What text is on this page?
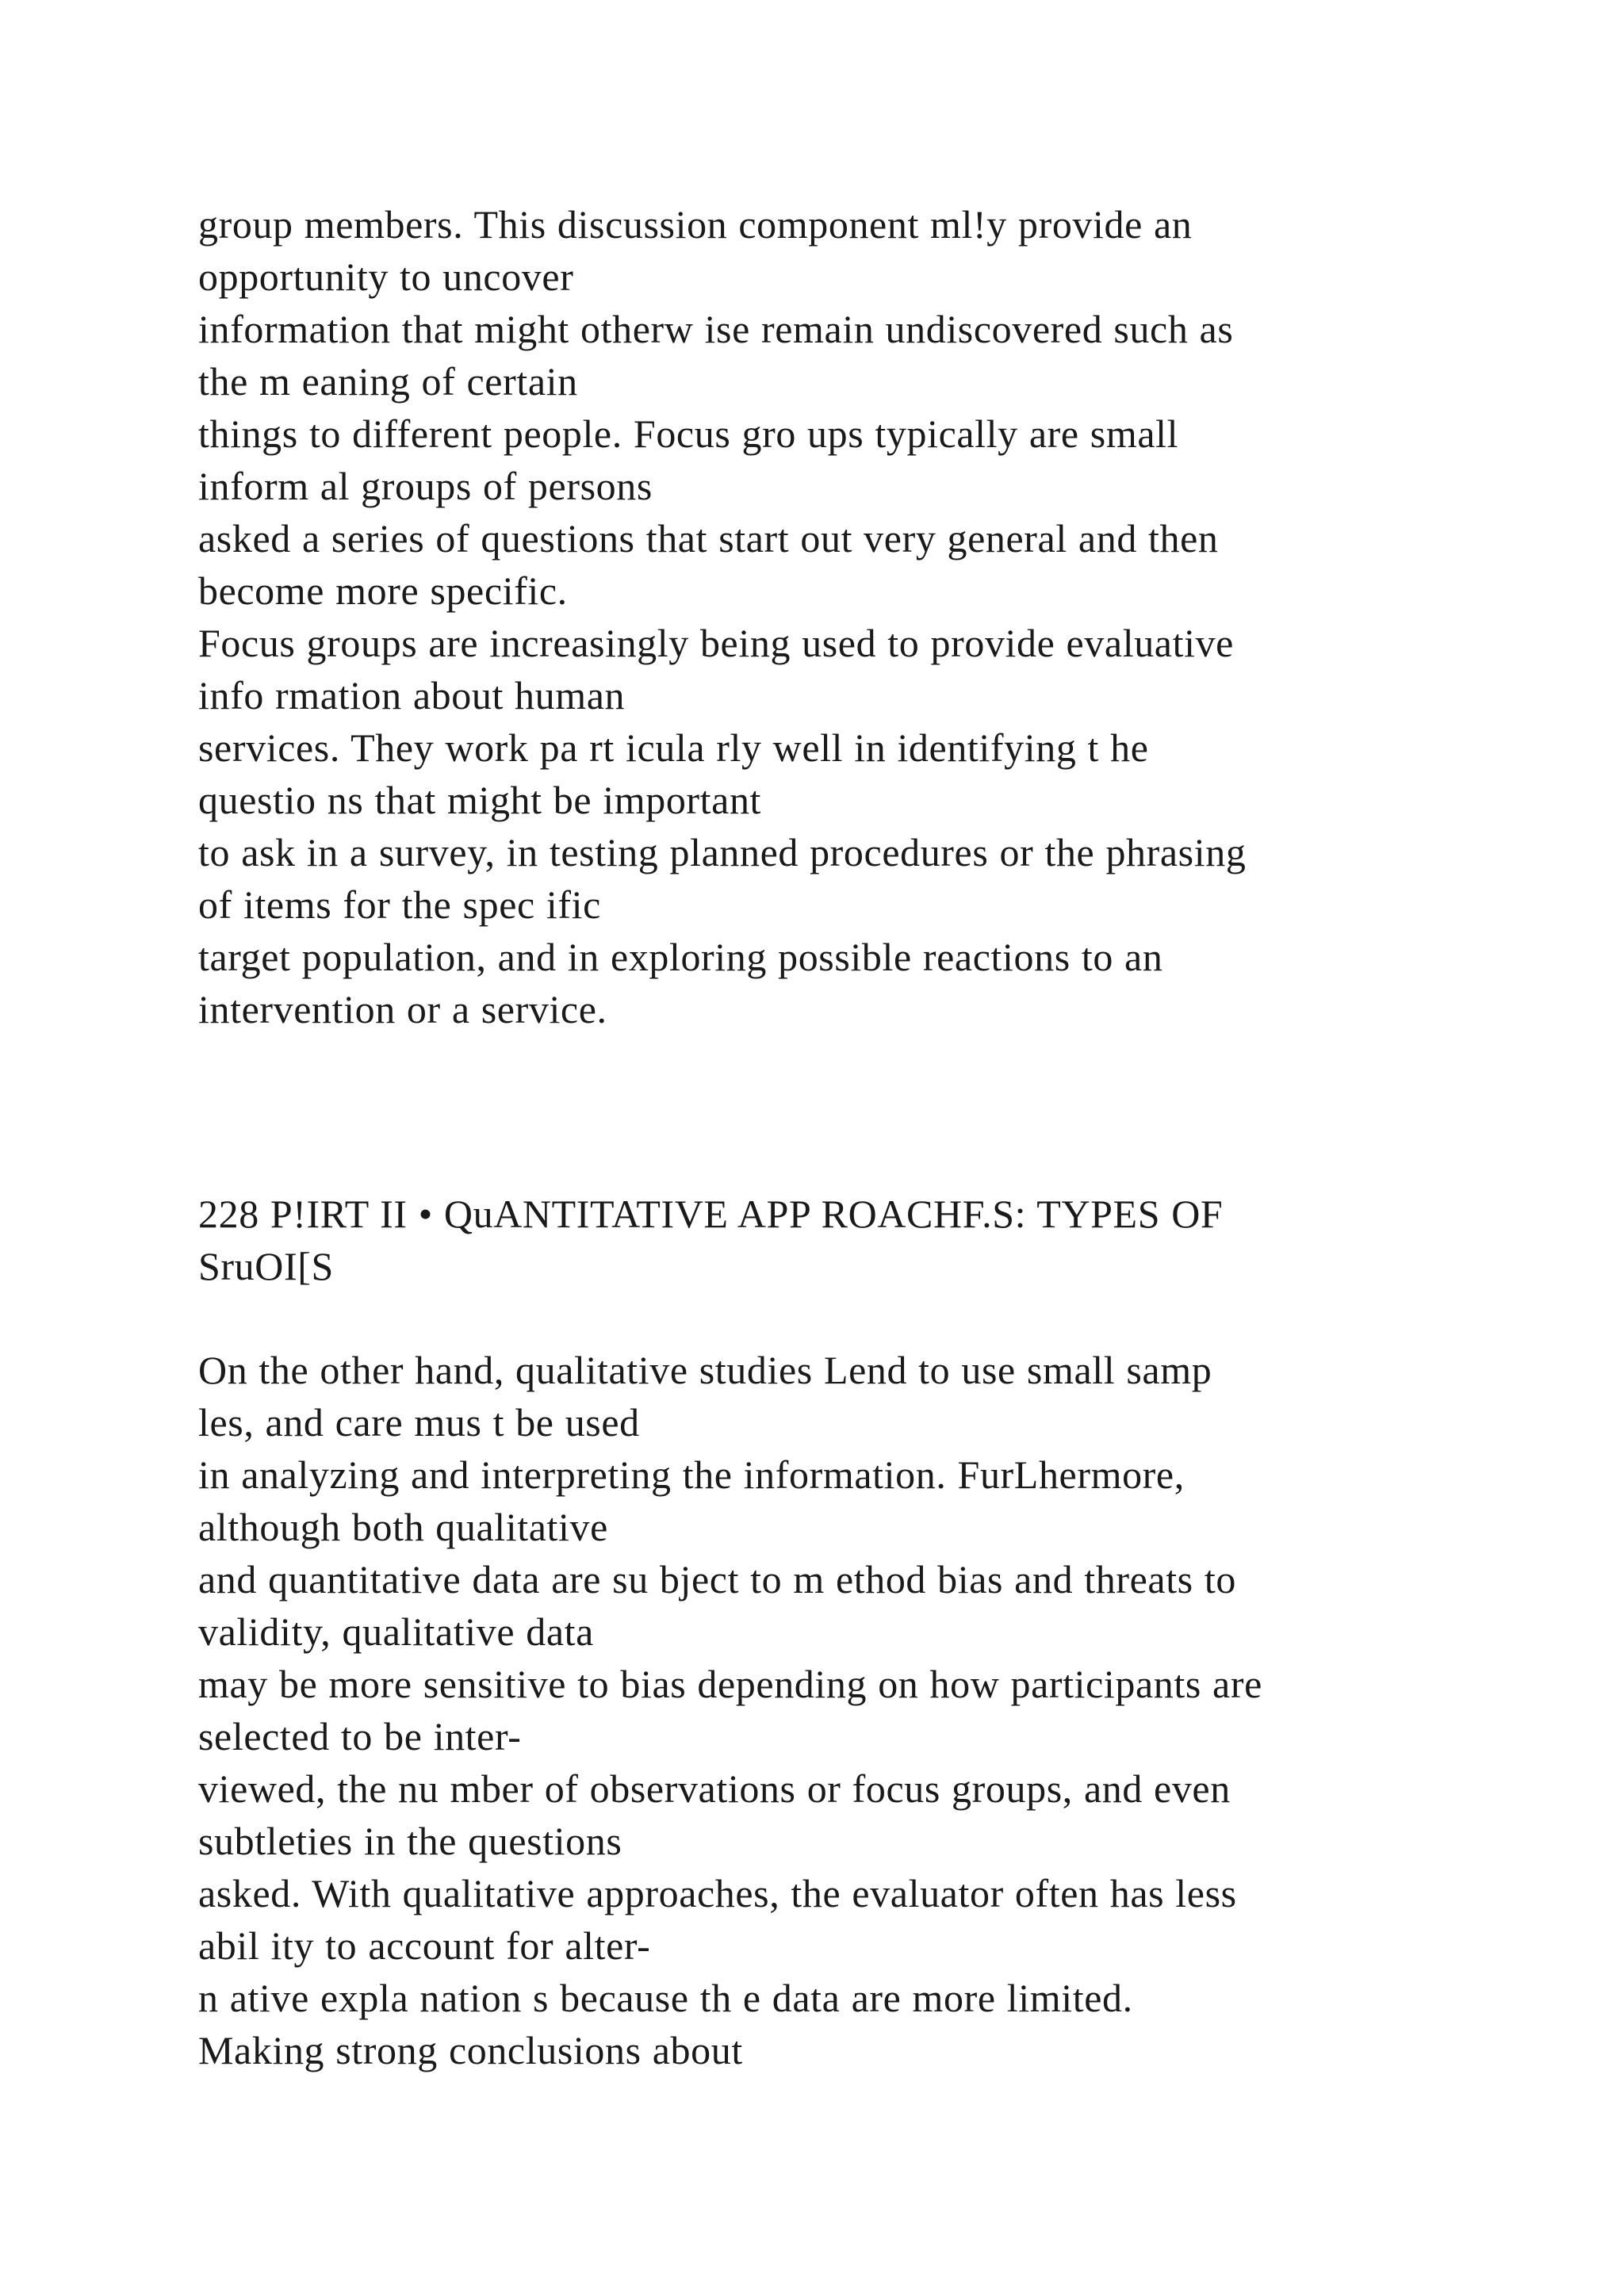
group members. This discussion component ml!y provide an
opportunity to uncover
information that might otherw ise remain undiscovered such as
the m eaning of certain
things to different people. Focus gro ups typically are small
inform al groups of persons
asked a series of questions that start out very general and then
become more specific.
Focus groups are increasingly being used to provide evaluative
info rmation about human
services. They work pa rt icula rly well in identifying t he
questio ns that might be important
to ask in a survey, in testing planned procedures or the phrasing
of items for the spec ific
target population, and in exploring possible reactions to an
intervention or a service.
228 P!IRT II • QuANTITATIVE APP ROACHF.S: TYPES OF
SruOI[S
On the other hand, qualitative studies Lend to use small samp
les, and care mus t be used
in analyzing and interpreting the information. FurLhermore,
although both qualitative
and quantitative data are su bject to m ethod bias and threats to
validity, qualitative data
may be more sensitive to bias depending on how participants are
selected to be inter-
viewed, the nu mber of observations or focus groups, and even
subtleties in the questions
asked. With qualitative approaches, the evaluator often has less
abil ity to account for alter-
n ative expla nation s because th e data are more limited.
Making strong conclusions about
